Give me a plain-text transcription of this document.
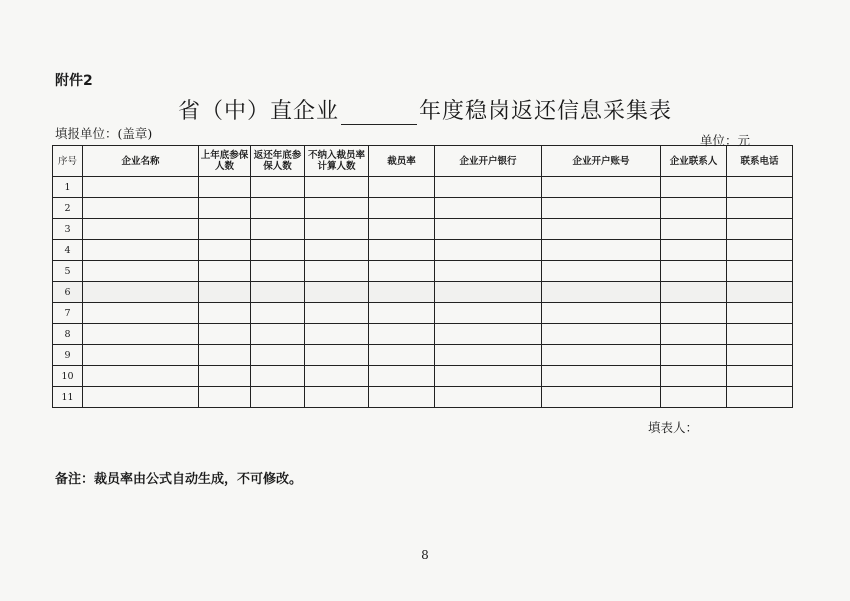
附件2
省（中）直企业	年度稳岗返还信息采集表
填报单位：(盖章)	单位：元
序号	企业名称	上年底参保人数	返还年底参保人数	不纳入裁员率计算人数	裁员率	企业开户银行	企业开户账号	企业联系人	联系电话
1									
2									
3									
4									
5									
6									
7									
8									
9									
10									
11									
填表人：
备注：裁员率由公式自动生成，不可修改。
8
